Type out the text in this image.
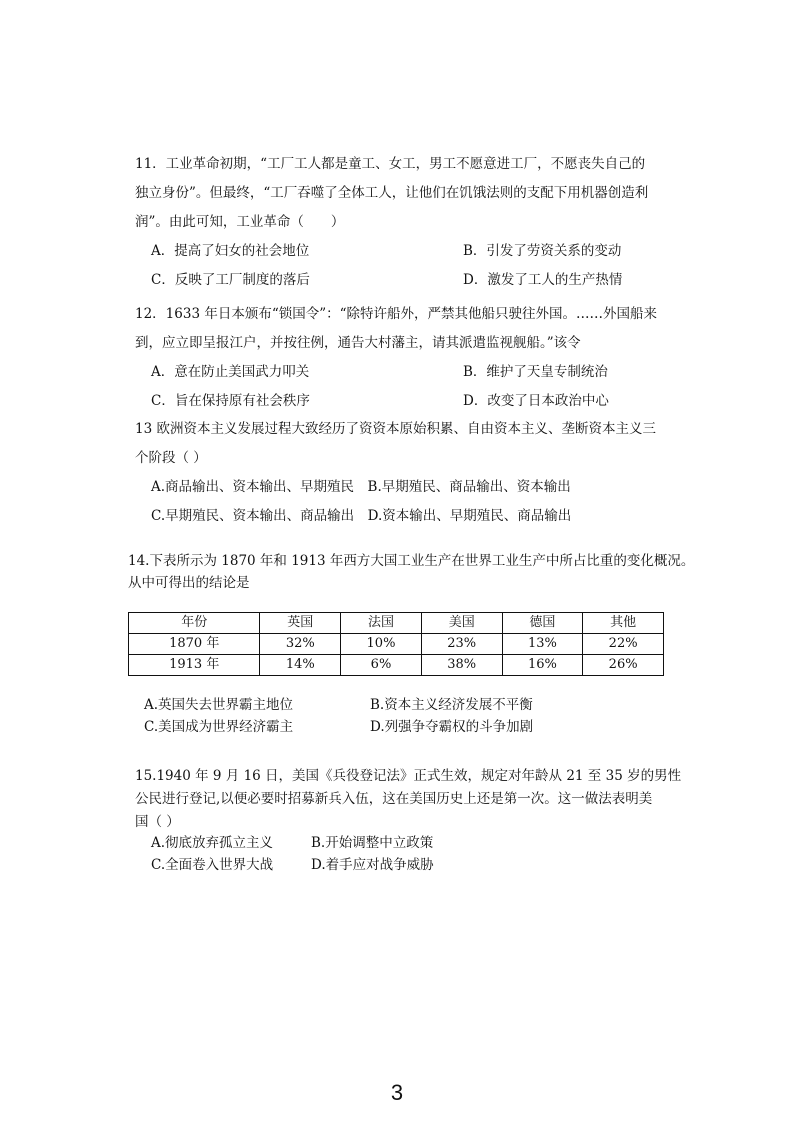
11．工业革命初期，“工厂工人都是童工、女工，男工不愿意进工厂，不愿丧失自己的
独立身份”。但最终，“工厂吞噬了全体工人，让他们在饥饿法则的支配下用机器创造利
润”。由此可知，工业革命（　　）
A．提高了妇女的社会地位	B．引发了劳资关系的变动
C．反映了工厂制度的落后	D．激发了工人的生产热情
12．1633 年日本颁布“锁国令”：“除特许船外，严禁其他船只驶往外国。……外国船来
到，应立即呈报江户，并按往例，通告大村藩主，请其派遣监视舰船。”该令
A．意在防止美国武力叩关	B．维护了天皇专制统治
C．旨在保持原有社会秩序	D．改变了日本政治中心
13 欧洲资本主义发展过程大致经历了资资本原始积累、自由资本主义、垄断资本主义三
个阶段（ ）
A.商品输出、资本输出、早期殖民　B.早期殖民、商品输出、资本输出
C.早期殖民、资本输出、商品输出　D.资本输出、早期殖民、商品输出
14.下表所示为 1870 年和 1913 年西方大国工业生产在世界工业生产中所占比重的变化概况。
从中可得出的结论是
年份	英国	法国	美国	德国	其他
1870 年	32%	10%	23%	13%	22%
1913 年	14%	6%	38%	16%	26%
A.英国失去世界霸主地位	B.资本主义经济发展不平衡
C.美国成为世界经济霸主	D.列强争夺霸权的斗争加剧
15.1940 年 9 月 16 日，美国《兵役登记法》正式生效，规定对年龄从 21 至 35 岁的男性
公民进行登记,以便必要时招募新兵入伍，这在美国历史上还是第一次。这一做法表明美
国（ ）
A.彻底放弃孤立主义	B.开始调整中立政策
C.全面卷入世界大战	D.着手应对战争威胁
3
